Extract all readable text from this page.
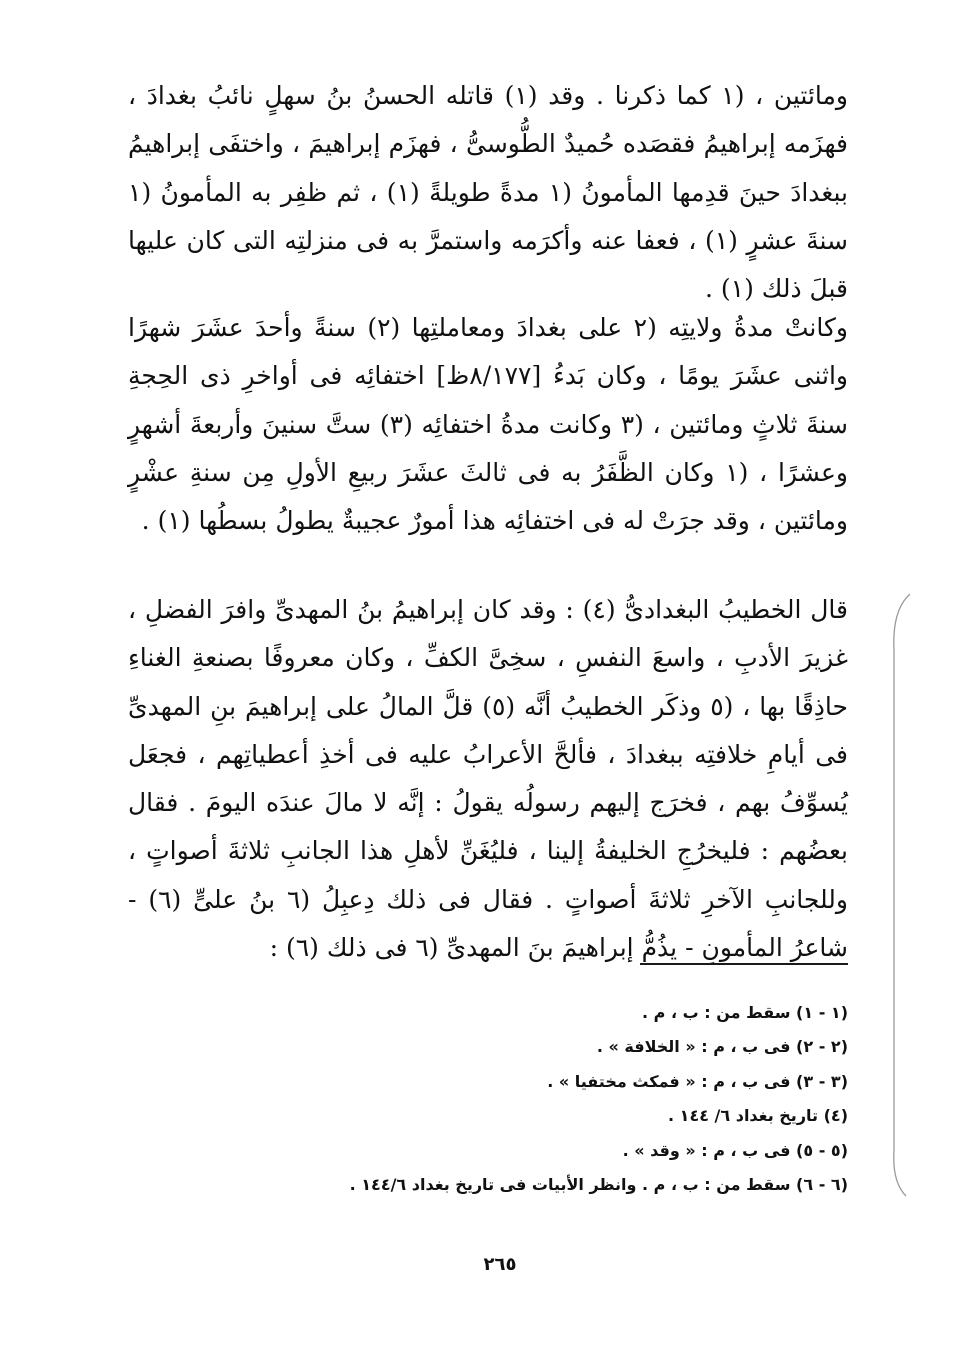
ومائتين ، (١ كما ذكرنا . وقد (١) قاتله الحسنُ بنُ سهلٍ نائبُ بغدادَ ، فهزَمه إبراهيمُ فقصَده حُميدٌ الطُّوسىُّ ، فهزَم إبراهيمَ ، واختفَى إبراهيمُ ببغدادَ حينَ قدِمها المأمونُ (١ مدةً طويلةً (١) ، ثم ظفِر به المأمونُ (١ سنةَ عشرٍ (١) ، فعفا عنه وأكرَمه واستمرَّ به فى منزلتِه التى كان عليها قبلَ ذلك (١) .

وكانتْ مدةُ ولايتِه (٢ على بغدادَ ومعاملتِها (٢) سنةً وأحدَ عشَرَ شهرًا واثنى عشَرَ يومًا ، وكان بَدءُ [٨/١٧٧ظ] اختفائِه فى أواخرِ ذى الحِجةِ سنةَ ثلاثٍ ومائتين ، (٣ وكانت مدةُ اختفائِه (٣) ستَّ سنينَ وأربعةَ أشهرٍ وعشرًا ، (١ وكان الظَّفَرُ به فى ثالثَ عشَرَ ربيعِ الأولِ مِن سنةِ عشْرٍ ومائتين ، وقد جرَتْ له فى اختفائِه هذا أمورٌ عجيبةٌ يطولُ بسطُها (١) .

قال الخطيبُ البغدادىُّ (٤) : وقد كان إبراهيمُ بنُ المهدىِّ وافرَ الفضلِ ، غزيرَ الأدبِ ، واسعَ النفسِ ، سخِىَّ الكفِّ ، وكان معروفًا بصنعةِ الغناءِ حاذِقًا بها ، (٥ وذكَر الخطيبُ أنَّه (٥) قلَّ المالُ على إبراهيمَ بنِ المهدىِّ فى أيامِ خلافتِه ببغدادَ ، فألحَّ الأعرابُ عليه فى أخذِ أعطياتِهم ، فجعَل يُسوِّفُ بهم ، فخرَج إليهم رسولُه يقولُ : إنَّه لا مالَ عندَه اليومَ . فقال بعضُهم : فليخرُجِ الخليفةُ إلينا ، فليُغَنِّ لأهلِ هذا الجانبِ ثلاثةَ أصواتٍ ، وللجانبِ الآخرِ ثلاثةَ أصواتٍ . فقال فى ذلك دِعبِلُ (٦ بنُ علىٍّ (٦) - شاعرُ المأمونِ - يذُمُّ إبراهيمَ بنَ المهدىِّ (٦ فى ذلك (٦) :

(١ - ١) سقط من : ب ، م .
(٢ - ٢) فى ب ، م : « الخلافة » .
(٣ - ٣) فى ب ، م : « فمكث مختفيا » .
(٤) تاريخ بغداد ٦/ ١٤٤ .
(٥ - ٥) فى ب ، م : « وقد » .
(٦ - ٦) سقط من : ب ، م . وانظر الأبيات فى تاريخ بغداد ١٤٤/٦ .
٢٦٥
